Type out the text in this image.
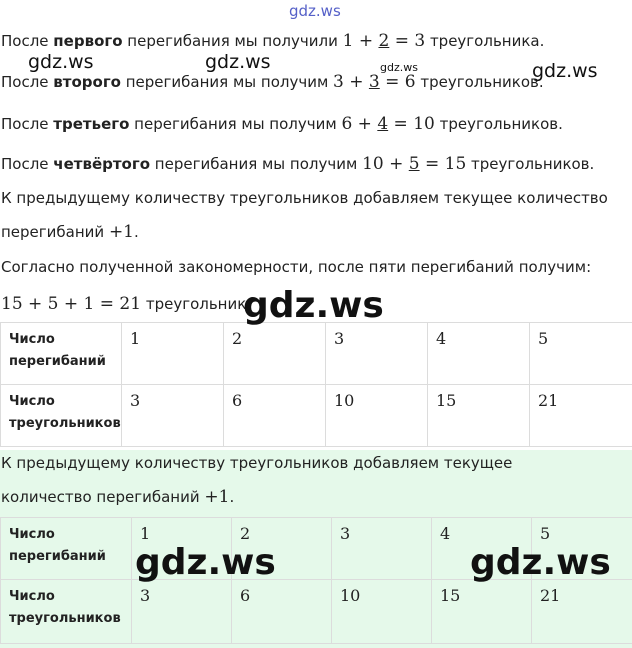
gdz.ws
После первого перегибания мы получили 1 + 2 = 3 треугольника.
После второго перегибания мы получим 3 + 3 = 6 треугольников.
После третьего перегибания мы получим 6 + 4 = 10 треугольников.
После четвёртого перегибания мы получим 10 + 5 = 15 треугольников.
К предыдущему количеству треугольников добавляем текущее количество
перегибаний +1.
Согласно полученной закономерности, после пяти перегибаний получим:
15 + 5 + 1 = 21 треугольник.
Число перегибаний	1	2	3	4	5
Число треугольников	3	6	10	15	21
К предыдущему количеству треугольников добавляем текущее
количество перегибаний +1.
Число перегибаний	1	2	3	4	5
Число треугольников	3	6	10	15	21
gdz.ws	gdz.ws	gdz.ws	gdz.ws
gdz.ws
gdz.ws	gdz.ws
